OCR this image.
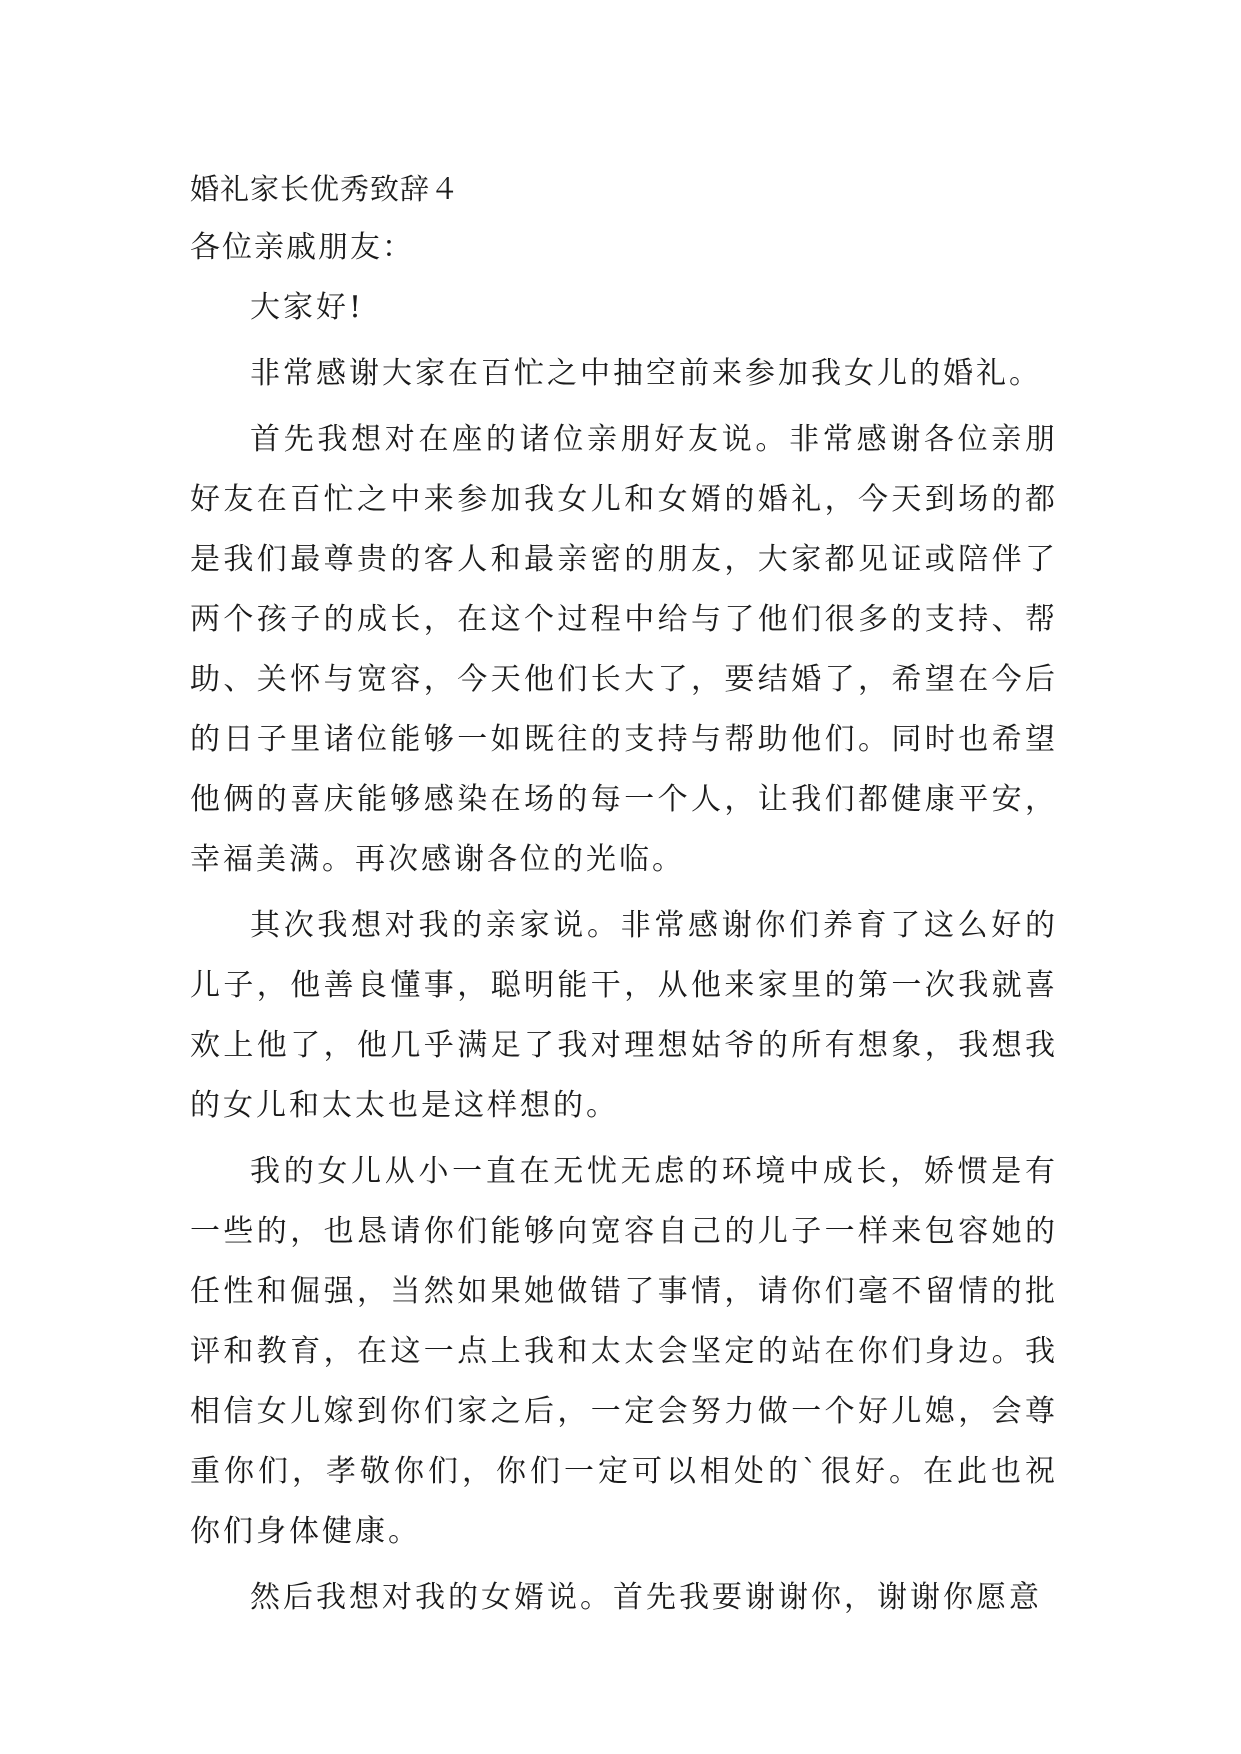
婚礼家长优秀致辞４

各位亲戚朋友：

大家好!

非常感谢大家在百忙之中抽空前来参加我女儿的婚礼。

首先我想对在座的诸位亲朋好友说。非常感谢各位亲朋好友在百忙之中来参加我女儿和女婿的婚礼，今天到场的都是我们最尊贵的客人和最亲密的朋友，大家都见证或陪伴了两个孩子的成长，在这个过程中给与了他们很多的支持、帮助、关怀与宽容，今天他们长大了，要结婚了，希望在今后的日子里诸位能够一如既往的支持与帮助他们。同时也希望他俩的喜庆能够感染在场的每一个人，让我们都健康平安，幸福美满。再次感谢各位的光临。

其次我想对我的亲家说。非常感谢你们养育了这么好的儿子，他善良懂事，聪明能干，从他来家里的第一次我就喜欢上他了，他几乎满足了我对理想姑爷的所有想象，我想我的女儿和太太也是这样想的。

我的女儿从小一直在无忧无虑的环境中成长，娇惯是有一些的，也恳请你们能够向宽容自己的儿子一样来包容她的任性和倔强，当然如果她做错了事情，请你们毫不留情的批评和教育，在这一点上我和太太会坚定的站在你们身边。我相信女儿嫁到你们家之后，一定会努力做一个好儿媳，会尊重你们，孝敬你们，你们一定可以相处的`很好。在此也祝你们身体健康。

然后我想对我的女婿说。首先我要谢谢你，谢谢你愿意
